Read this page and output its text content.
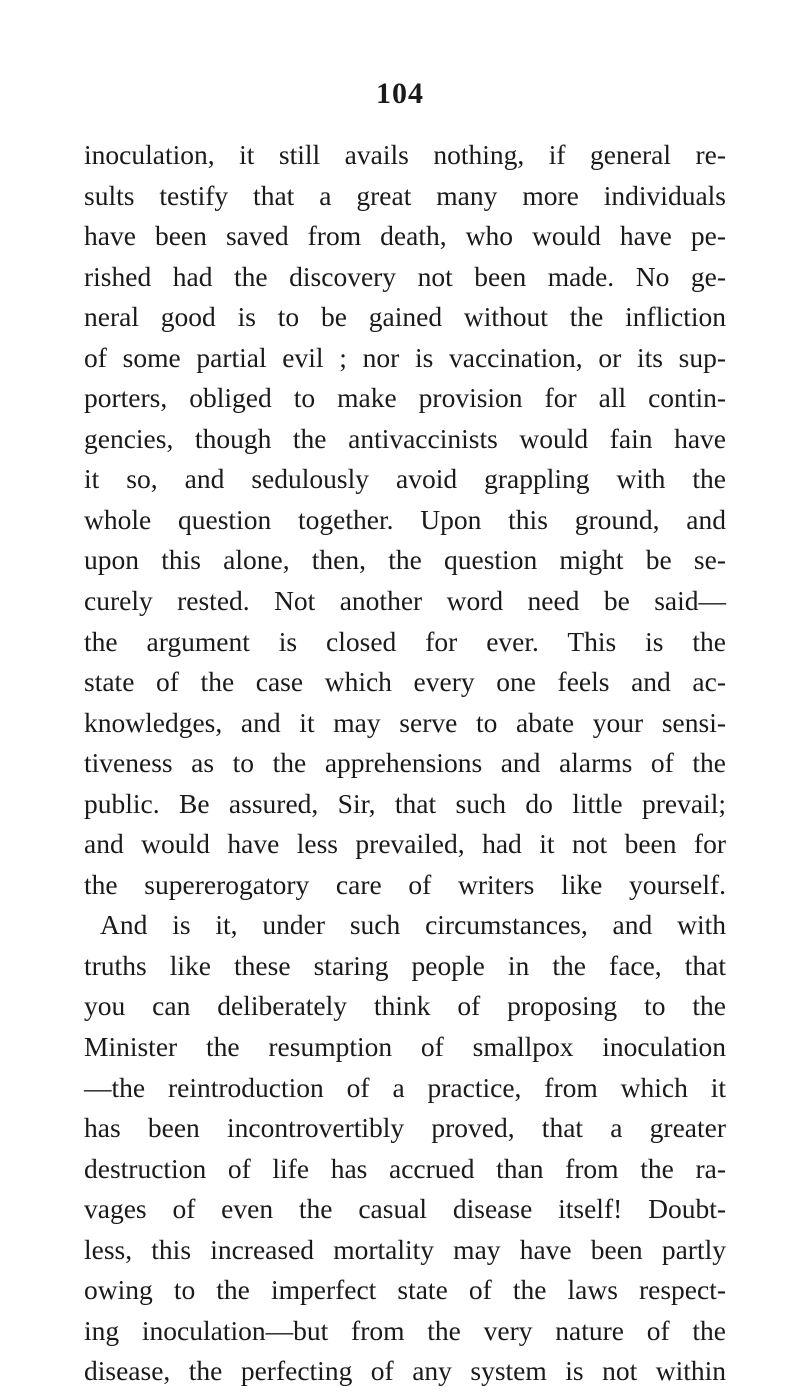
104
inoculation, it still avails nothing, if general re-
sults testify that a great many more individuals
have been saved from death, who would have pe-
rished had the discovery not been made. No ge-
neral good is to be gained without the infliction
of some partial evil ; nor is vaccination, or its sup-
porters, obliged to make provision for all contin-
gencies, though the antivaccinists would fain have
it so, and sedulously avoid grappling with the
whole question together. Upon this ground, and
upon this alone, then, the question might be se-
curely rested. Not another word need be said—
the argument is closed for ever. This is the
state of the case which every one feels and ac-
knowledges, and it may serve to abate your sensi-
tiveness as to the apprehensions and alarms of the
public. Be assured, Sir, that such do little prevail;
and would have less prevailed, had it not been for
the supererogatory care of writers like yourself.
And is it, under such circumstances, and with
truths like these staring people in the face, that
you can deliberately think of proposing to the
Minister the resumption of smallpox inoculation
—the reintroduction of a practice, from which it
has been incontrovertibly proved, that a greater
destruction of life has accrued than from the ra-
vages of even the casual disease itself! Doubt-
less, this increased mortality may have been partly
owing to the imperfect state of the laws respect-
ing inoculation—but from the very nature of the
disease, the perfecting of any system is not within
